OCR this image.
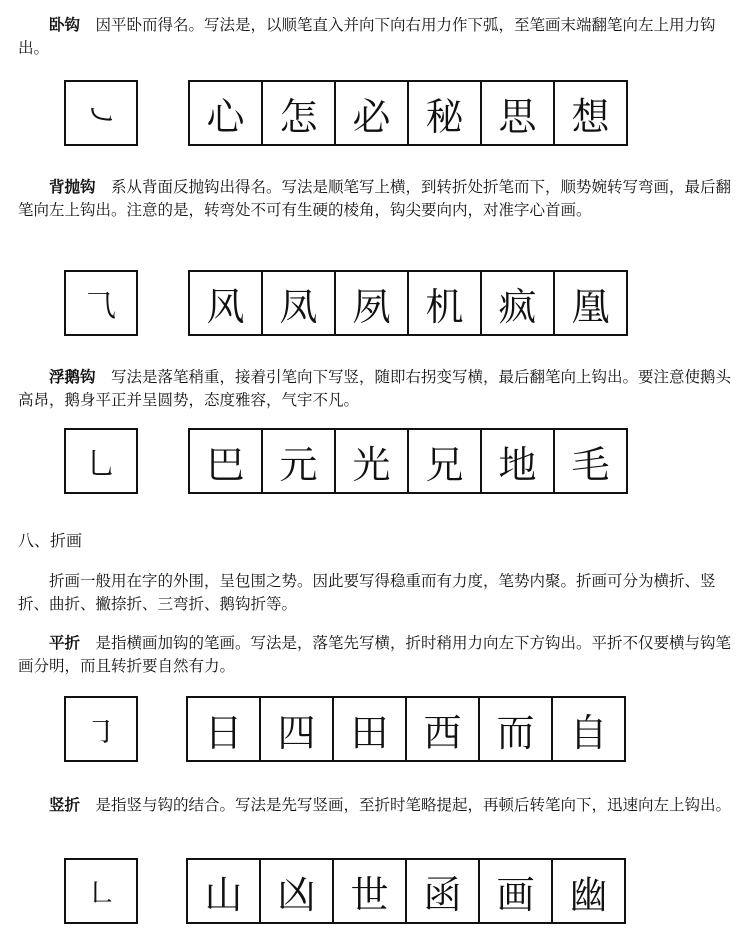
卧钩　 因平卧而得名。写法是，以顺笔直入并向下向右用力作下弧，至笔画末端翻笔向左上用力钩出。

㇃	心 怎 必 秘 思 想

背抛钩　 系从背面反抛钩出得名。写法是顺笔写上横，到转折处折笔而下，顺势婉转写弯画，最后翻笔向左上钩出。注意的是，转弯处不可有生硬的棱角，钩尖要向内，对准字心首画。

⺄	风 凤 夙 机 疯 凰

浮鹅钩　 写法是落笔稍重，接着引笔向下写竖，随即右拐变写横，最后翻笔向上钩出。要注意使鹅头高昂，鹅身平正并呈圆势，态度雅容，气宇不凡。

乚	巴 元 光 兄 地 毛
八、折画

折画一般用在字的外围，呈包围之势。因此要写得稳重而有力度，笔势内聚。折画可分为横折、竖折、曲折、撇捺折、三弯折、鹅钩折等。

平折　 是指横画加钩的笔画。写法是，落笔先写横，折时稍用力向左下方钩出。平折不仅要横与钩笔画分明，而且转折要自然有力。

㇆	日 四 田 西 而 自

竖折　 是指竖与钩的结合。写法是先写竖画，至折时笔略提起，再顿后转笔向下，迅速向左上钩出。

㇗	山 凶 世 函 画 幽
